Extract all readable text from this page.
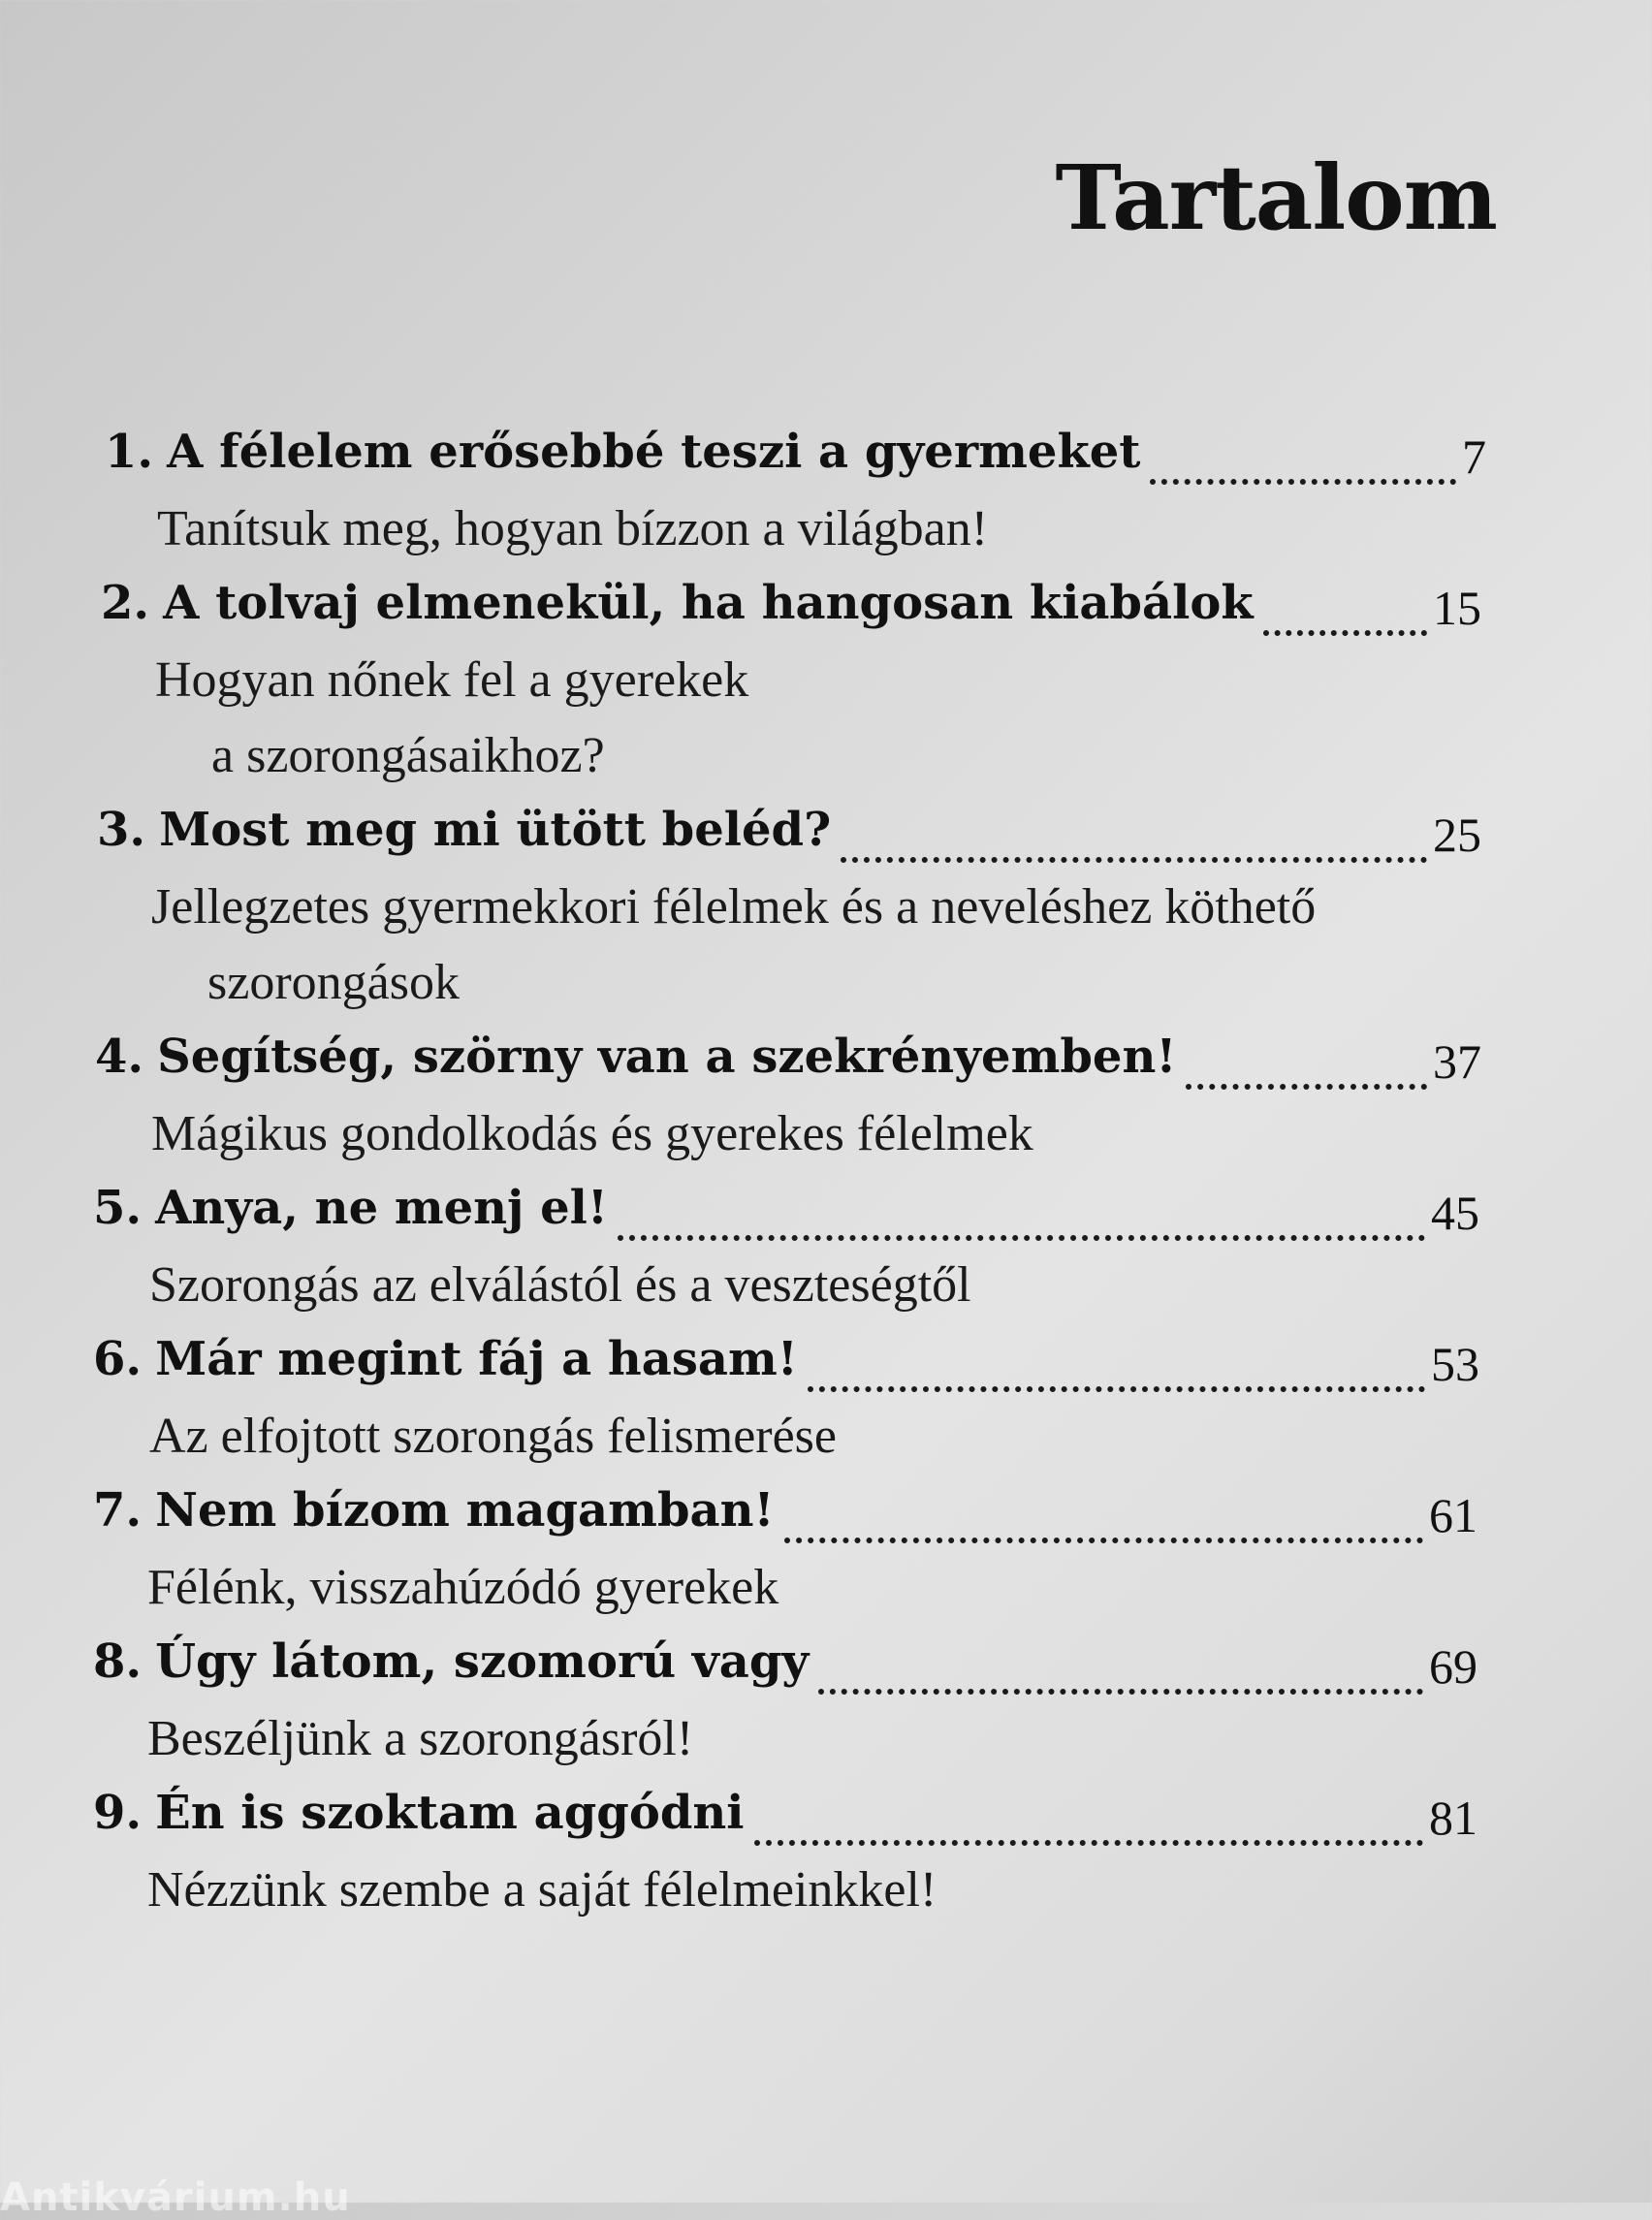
Tartalom
1. A félelem erősebbé teszi a gyermeket	7
Tanítsuk meg, hogyan bízzon a világban!
2. A tolvaj elmenekül, ha hangosan kiabálok	15
Hogyan nőnek fel a gyerekek
a szorongásaikhoz?
3. Most meg mi ütött beléd?	25
Jellegzetes gyermekkori félelmek és a neveléshez köthető
szorongások
4. Segítség, szörny van a szekrényemben!	37
Mágikus gondolkodás és gyerekes félelmek
5. Anya, ne menj el!	45
Szorongás az elválástól és a veszteségtől
6. Már megint fáj a hasam!	53
Az elfojtott szorongás felismerése
7. Nem bízom magamban!	61
Félénk, visszahúzódó gyerekek
8. Úgy látom, szomorú vagy	69
Beszéljünk a szorongásról!
9. Én is szoktam aggódni	81
Nézzünk szembe a saját félelmeinkkel!
Antikvárium.hu
